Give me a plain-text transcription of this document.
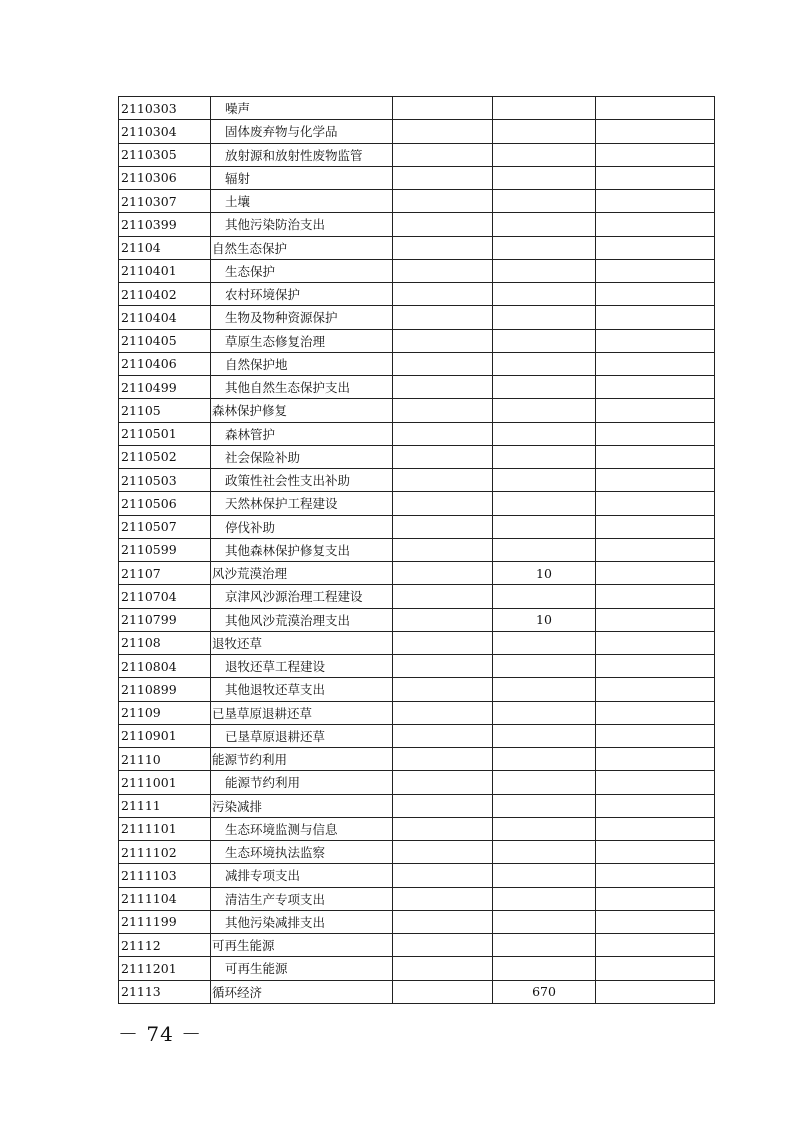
2110303	噪声			
2110304	固体废弃物与化学品			
2110305	放射源和放射性废物监管			
2110306	辐射			
2110307	土壤			
2110399	其他污染防治支出			
21104	自然生态保护			
2110401	生态保护			
2110402	农村环境保护			
2110404	生物及物种资源保护			
2110405	草原生态修复治理			
2110406	自然保护地			
2110499	其他自然生态保护支出			
21105	森林保护修复			
2110501	森林管护			
2110502	社会保险补助			
2110503	政策性社会性支出补助			
2110506	天然林保护工程建设			
2110507	停伐补助			
2110599	其他森林保护修复支出			
21107	风沙荒漠治理		10	
2110704	京津风沙源治理工程建设			
2110799	其他风沙荒漠治理支出		10	
21108	退牧还草			
2110804	退牧还草工程建设			
2110899	其他退牧还草支出			
21109	已垦草原退耕还草			
2110901	已垦草原退耕还草			
21110	能源节约利用			
2111001	能源节约利用			
21111	污染减排			
2111101	生态环境监测与信息			
2111102	生态环境执法监察			
2111103	减排专项支出			
2111104	清洁生产专项支出			
2111199	其他污染减排支出			
21112	可再生能源			
2111201	可再生能源			
21113	循环经济		670	
－ 74 －
